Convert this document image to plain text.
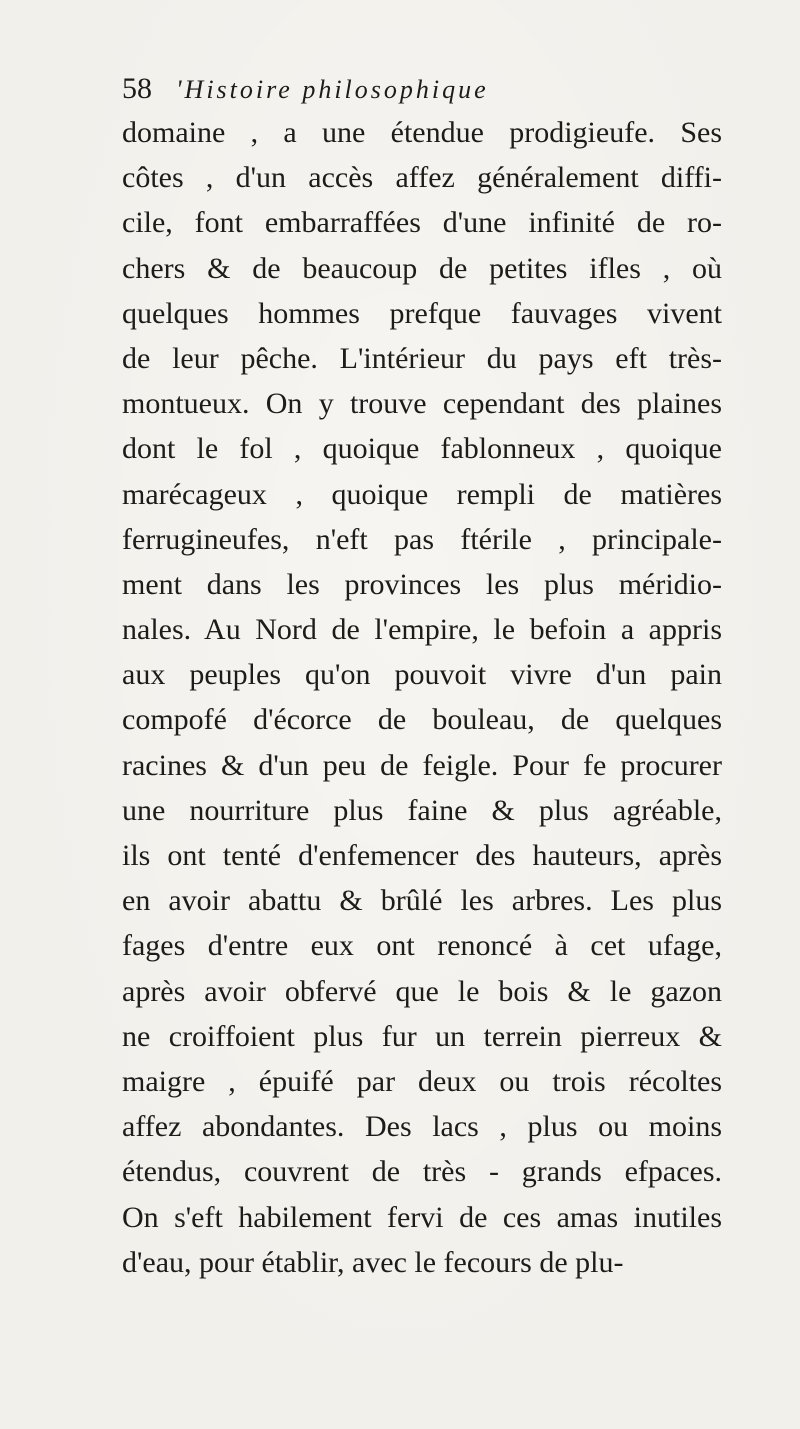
58 'Histoire philosophique
domaine , a une étendue prodigieufe. Ses
côtes , d'un accès affez généralement diffi-
cile, font embarraffées d'une infinité de ro-
chers & de beaucoup de petites ifles , où
quelques hommes prefque fauvages vivent
de leur pêche. L'intérieur du pays eft très-
montueux. On y trouve cependant des plaines
dont le fol , quoique fablonneux , quoique
marécageux , quoique rempli de matières
ferrugineufes, n'eft pas ftérile , principale-
ment dans les provinces les plus méridio-
nales. Au Nord de l'empire, le befoin a appris
aux peuples qu'on pouvoit vivre d'un pain
compofé d'écorce de bouleau, de quelques
racines & d'un peu de feigle. Pour fe procurer
une nourriture plus faine & plus agréable,
ils ont tenté d'enfemencer des hauteurs, après
en avoir abattu & brûlé les arbres. Les plus
fages d'entre eux ont renoncé à cet ufage,
après avoir obfervé que le bois & le gazon
ne croiffoient plus fur un terrein pierreux &
maigre , épuifé par deux ou trois récoltes
affez abondantes. Des lacs , plus ou moins
étendus, couvrent de très - grands efpaces.
On s'eft habilement fervi de ces amas inutiles
d'eau, pour établir, avec le fecours de plu-
